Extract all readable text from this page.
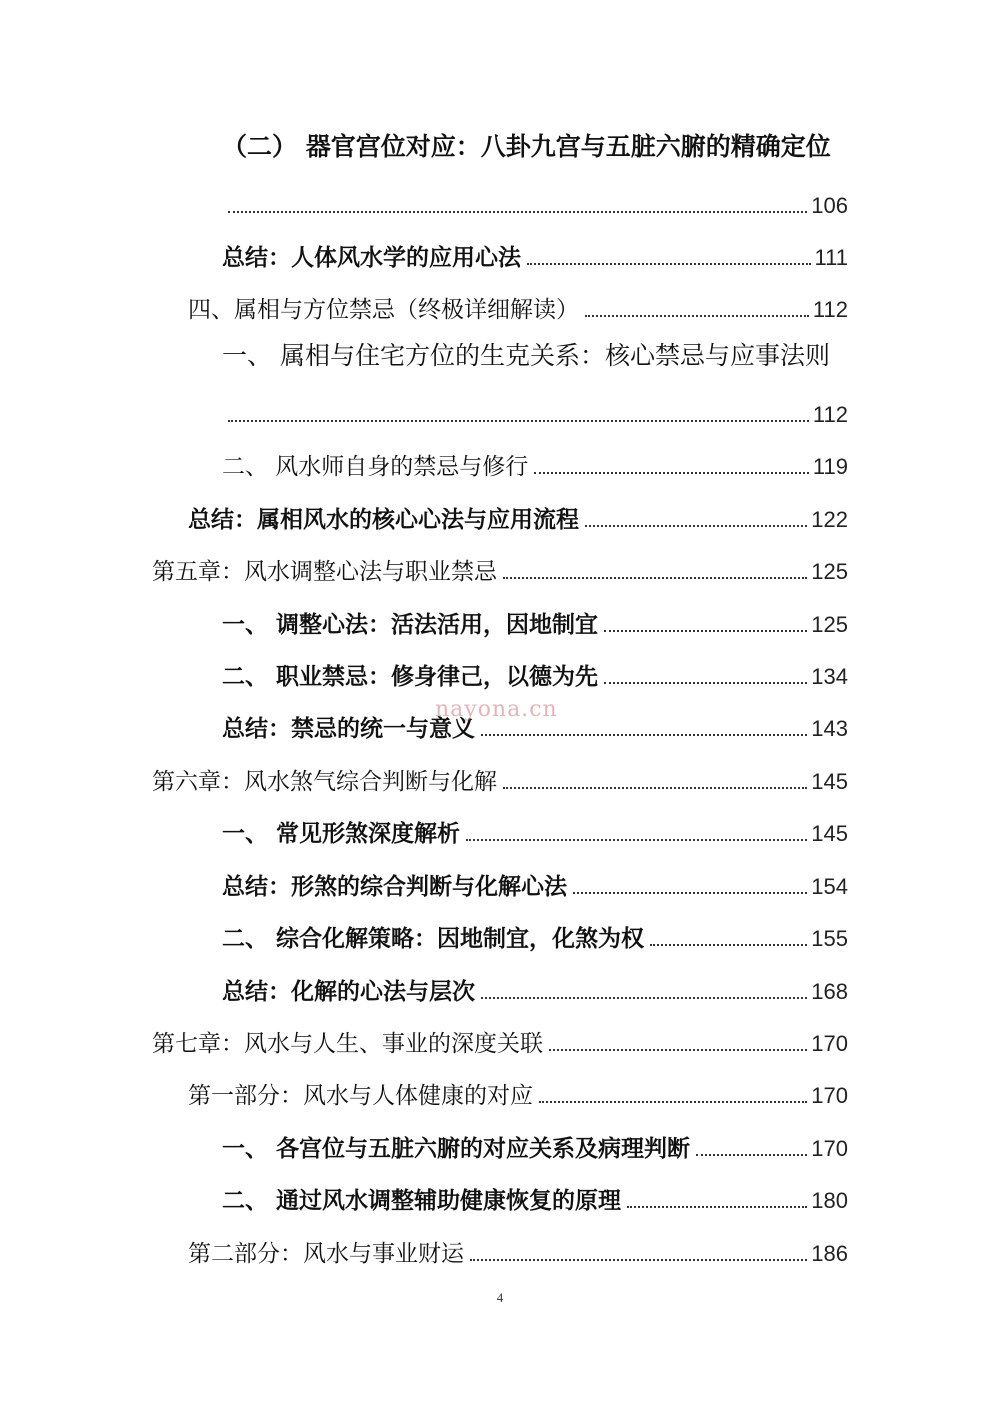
（二） 器官宫位对应：八卦九宫与五脏六腑的精确定位
106
总结：人体风水学的应用心法	111
四、属相与方位禁忌（终极详细解读）	112
一、 属相与住宅方位的生克关系：核心禁忌与应事法则
112
二、 风水师自身的禁忌与修行	119
总结：属相风水的核心心法与应用流程	122
第五章：风水调整心法与职业禁忌	125
一、 调整心法：活法活用，因地制宜	125
二、 职业禁忌：修身律己，以德为先	134
总结：禁忌的统一与意义	143
第六章：风水煞气综合判断与化解	145
一、 常见形煞深度解析	145
总结：形煞的综合判断与化解心法	154
二、 综合化解策略：因地制宜，化煞为权	155
总结：化解的心法与层次	168
第七章：风水与人生、事业的深度关联	170
第一部分：风水与人体健康的对应	170
一、 各宫位与五脏六腑的对应关系及病理判断	170
二、 通过风水调整辅助健康恢复的原理	180
第二部分：风水与事业财运	186
nayona.cn
4
